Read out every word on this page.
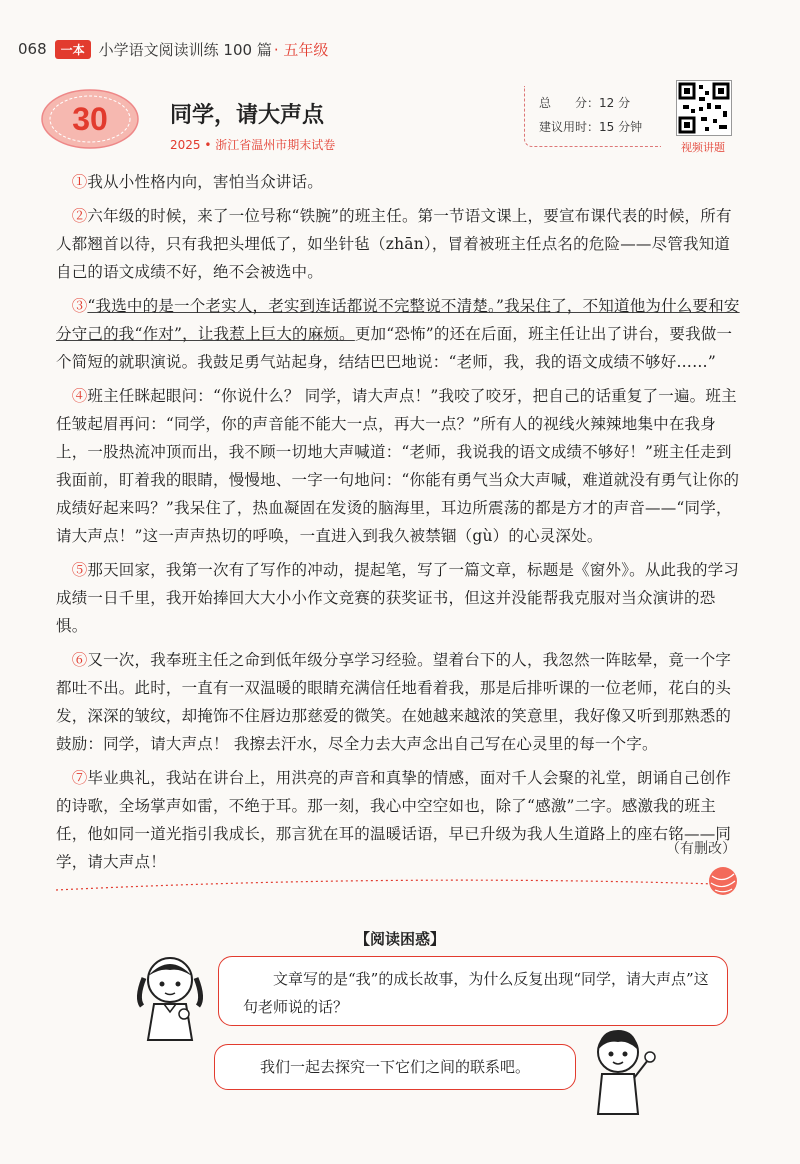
068	一本 小学语文阅读训练 100 篇 · 五年级
30	同学，请大声点
2025 • 浙江省温州市期末试卷
总　　分：12 分
建议用时：15 分钟
视频讲题

　①我从小性格内向，害怕当众讲话。

　②六年级的时候，来了一位号称“铁腕”的班主任。第一节语文课上，要宣布课代表的时候，所有人都翘首以待，只有我把头埋低了，如坐针毡（zhān），冒着被班主任点名的危险——尽管我知道自己的语文成绩不好，绝不会被选中。

　③“我选中的是一个老实人，老实到连话都说不完整说不清楚。”我呆住了，不知道他为什么要和安分守己的我“作对”，让我惹上巨大的麻烦。更加“恐怖”的还在后面，班主任让出了讲台，要我做一个简短的就职演说。我鼓足勇气站起身，结结巴巴地说：“老师，我，我的语文成绩不够好……”

　④班主任眯起眼问：“你说什么？ 同学，请大声点！”我咬了咬牙，把自己的话重复了一遍。班主任皱起眉再问：“同学，你的声音能不能大一点，再大一点？”所有人的视线火辣辣地集中在我身上，一股热流冲顶而出，我不顾一切地大声喊道：“老师，我说我的语文成绩不够好！”班主任走到我面前，盯着我的眼睛，慢慢地、一字一句地问：“你能有勇气当众大声喊，难道就没有勇气让你的成绩好起来吗？”我呆住了，热血凝固在发烫的脑海里，耳边所震荡的都是方才的声音——“同学，请大声点！”这一声声热切的呼唤，一直进入到我久被禁锢（gù）的心灵深处。

　⑤那天回家，我第一次有了写作的冲动，提起笔，写了一篇文章，标题是《窗外》。从此我的学习成绩一日千里，我开始捧回大大小小作文竞赛的获奖证书，但这并没能帮我克服对当众演讲的恐惧。

　⑥又一次，我奉班主任之命到低年级分享学习经验。望着台下的人，我忽然一阵眩晕，竟一个字都吐不出。此时，一直有一双温暖的眼睛充满信任地看着我，那是后排听课的一位老师，花白的头发，深深的皱纹，却掩饰不住唇边那慈爱的微笑。在她越来越浓的笑意里，我好像又听到那熟悉的鼓励：同学，请大声点！ 我擦去汗水，尽全力去大声念出自己写在心灵里的每一个字。

　⑦毕业典礼，我站在讲台上，用洪亮的声音和真挚的情感，面对千人会聚的礼堂，朗诵自己创作的诗歌，全场掌声如雷，不绝于耳。那一刻，我心中空空如也，除了“感激”二字。感激我的班主任，他如同一道光指引我成长，那言犹在耳的温暖话语，早已升级为我人生道路上的座右铭——同学，请大声点！

（有删改）
【阅读困惑】
文章写的是“我”的成长故事，为什么反复出现“同学，请大声点”这句老师说的话？
我们一起去探究一下它们之间的联系吧。
